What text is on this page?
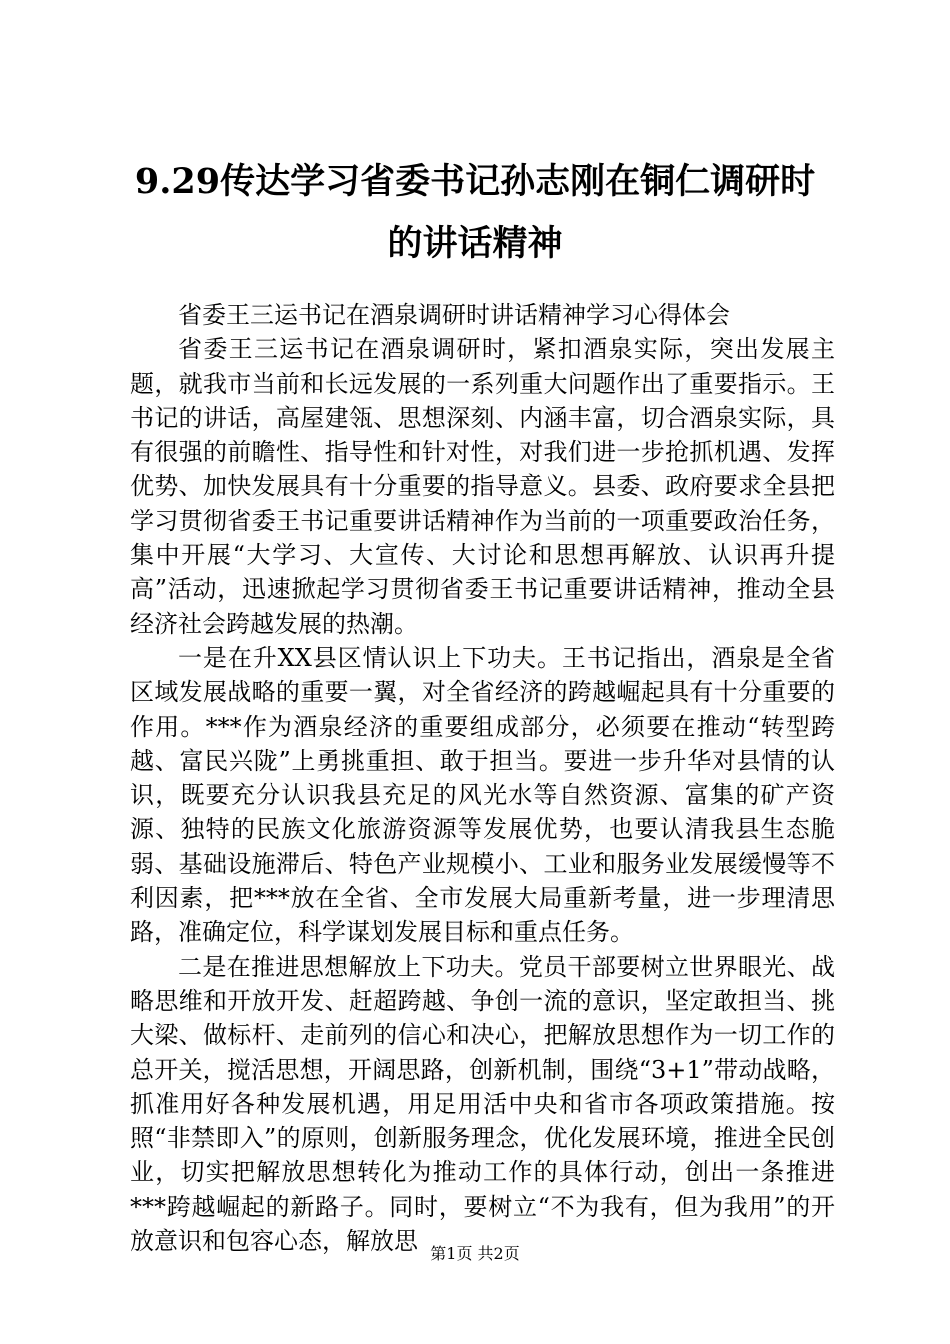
9.29传达学习省委书记孙志刚在铜仁调研时
的讲话精神

省委王三运书记在酒泉调研时讲话精神学习心得体会

省委王三运书记在酒泉调研时，紧扣酒泉实际，突出发展主题，就我市当前和长远发展的一系列重大问题作出了重要指示。王书记的讲话，高屋建瓴、思想深刻、内涵丰富，切合酒泉实际，具有很强的前瞻性、指导性和针对性，对我们进一步抢抓机遇、发挥优势、加快发展具有十分重要的指导意义。县委、政府要求全县把学习贯彻省委王书记重要讲话精神作为当前的一项重要政治任务，集中开展“大学习、大宣传、大讨论和思想再解放、认识再升提高”活动，迅速掀起学习贯彻省委王书记重要讲话精神，推动全县经济社会跨越发展的热潮。

一是在升XX县区情认识上下功夫。王书记指出，酒泉是全省区域发展战略的重要一翼，对全省经济的跨越崛起具有十分重要的作用。***作为酒泉经济的重要组成部分，必须要在推动“转型跨越、富民兴陇”上勇挑重担、敢于担当。要进一步升华对县情的认识，既要充分认识我县充足的风光水等自然资源、富集的矿产资源、独特的民族文化旅游资源等发展优势，也要认清我县生态脆弱、基础设施滞后、特色产业规模小、工业和服务业发展缓慢等不利因素，把***放在全省、全市发展大局重新考量，进一步理清思路，准确定位，科学谋划发展目标和重点任务。

二是在推进思想解放上下功夫。党员干部要树立世界眼光、战略思维和开放开发、赶超跨越、争创一流的意识，坚定敢担当、挑大梁、做标杆、走前列的信心和决心，把解放思想作为一切工作的总开关，搅活思想，开阔思路，创新机制，围绕“3+1”带动战略，抓准用好各种发展机遇，用足用活中央和省市各项政策措施。按照“非禁即入”的原则，创新服务理念，优化发展环境，推进全民创业，切实把解放思想转化为推动工作的具体行动，创出一条推进***跨越崛起的新路子。同时，要树立“不为我有，但为我用”的开放意识和包容心态，解放思 第1页 共2页
